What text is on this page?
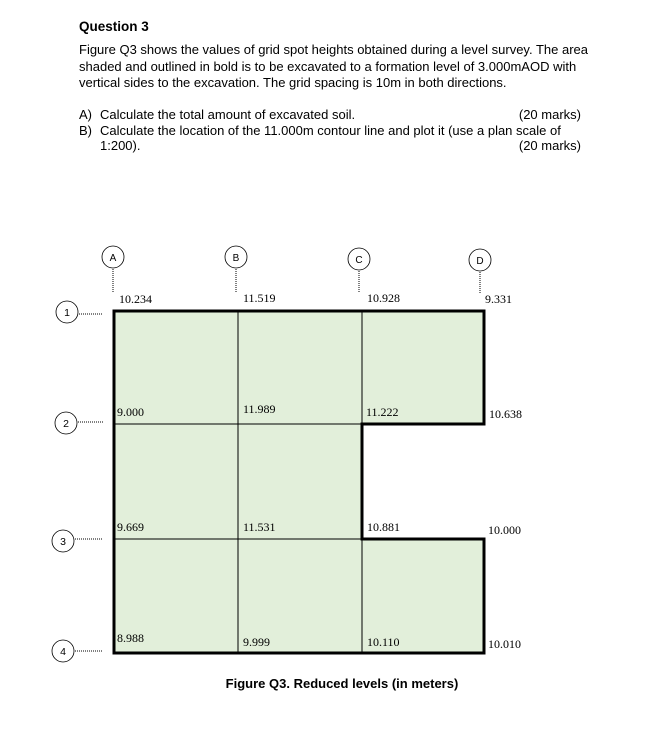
Question 3
Figure Q3 shows the values of grid spot heights obtained during a level survey. The area shaded and outlined in bold is to be excavated to a formation level of 3.000mAOD with vertical sides to the excavation. The grid spacing is 10m in both directions.
A) Calculate the total amount of excavated soil.	(20 marks)
B) Calculate the location of the 11.000m contour line and plot it (use a plan scale of
1:200).	(20 marks)
A	B	C	D
1
2
3
4
10.234	11.519	10.928	9.331
9.000	11.989	11.222	10.638
9.669	11.531	10.881	10.000
8.988	9.999	10.110	10.010
Figure Q3. Reduced levels (in meters)
